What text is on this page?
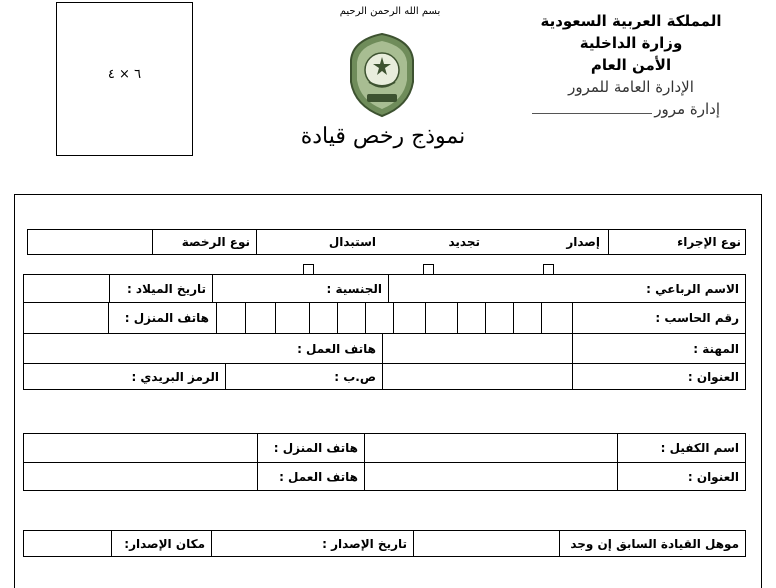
٦ × ٤
بسم الله الرحمن الرحيم
نموذج رخص قيادة
المملكة العربية السعودية
وزارة الداخلية
الأمن العام
الإدارة العامة للمرور
إدارة مرور
نوع الإجراء
إصدار
تجديد
استبدال
نوع الرخصة
الاسم الرباعي :
الجنسية :
تاريخ الميلاد :
رقم الحاسب :
هاتف المنزل :
المهنة :
هاتف العمل :
العنوان :
ص.ب :
الرمز البريدي :
اسم الكفيل :
هاتف المنزل :
العنوان :
هاتف العمل :
موهل القيادة السابق إن وجد
تاريخ الإصدار :
مكان الإصدار:
